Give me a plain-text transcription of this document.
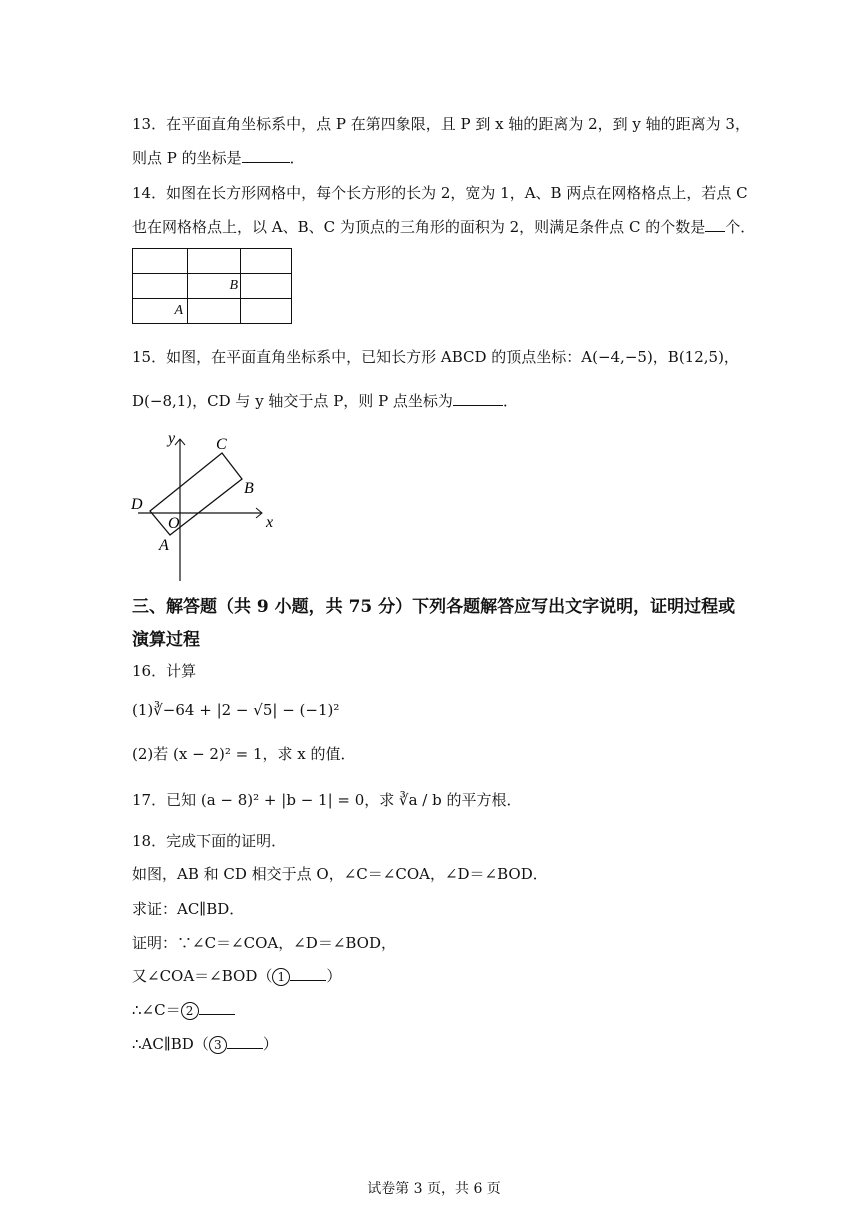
13．在平面直角坐标系中，点 P 在第四象限，且 P 到 x 轴的距离为 2，到 y 轴的距离为 3，
则点 P 的坐标是	．
14．如图在长方形网格中，每个长方形的长为 2，宽为 1，A、B 两点在网格格点上，若点 C
也在网格格点上，以 A、B、C 为顶点的三角形的面积为 2，则满足条件点 C 的个数是 个．

	B	
A		
15．如图，在平面直角坐标系中，已知长方形 ABCD 的顶点坐标：A(−4,−5)，B(12,5)，
D(−8,1)，CD 与 y 轴交于点 P，则 P 点坐标为	．
y
x
C
B
D
O
A
三、解答题（共 9 小题，共 75 分）下列各题解答应写出文字说明，证明过程或
演算过程
16．计算
(1)∛−64 + |2 − √5| − (−1)²
(2)若 (x − 2)² = 1，求 x 的值．
17．已知 (a − 8)² + |b − 1| = 0，求 ∛a / b 的平方根．
18．完成下面的证明．
如图，AB 和 CD 相交于点 O，∠C＝∠COA，∠D＝∠BOD．
求证：AC∥BD．
证明：∵∠C＝∠COA，∠D＝∠BOD，
又∠COA＝∠BOD（ 1	）
∴∠C＝ 2
∴AC∥BD（ 3	）
试卷第 3 页，共 6 页
